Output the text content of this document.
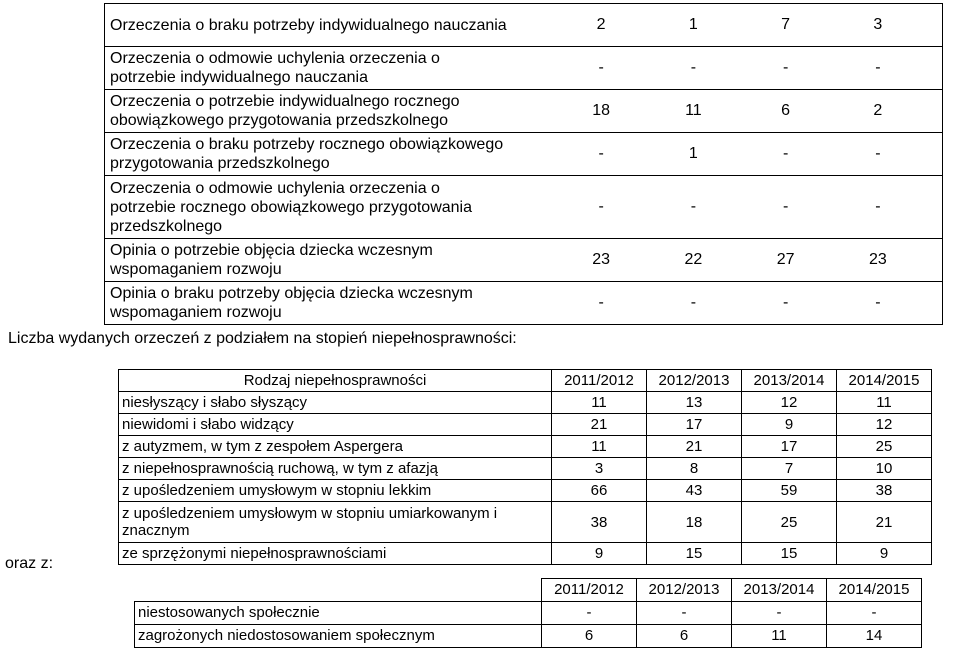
Orzeczenia o braku potrzeby indywidualnego nauczania	2 1 7 3

Orzeczenia o odmowie uchylenia orzeczenia o potrzebie indywidualnego nauczania	- - - -

Orzeczenia o potrzebie indywidualnego rocznego obowiązkowego przygotowania przedszkolnego	18 11 6 2

Orzeczenia o braku potrzeby rocznego obowiązkowego przygotowania przedszkolnego	- 1 - -

Orzeczenia o odmowie uchylenia orzeczenia o potrzebie rocznego obowiązkowego przygotowania przedszkolnego	- - - -

Opinia o potrzebie objęcia dziecka wczesnym wspomaganiem rozwoju	23 22 27 23

Opinia o braku potrzeby objęcia dziecka wczesnym wspomaganiem rozwoju	- - - -
Liczba wydanych orzeczeń z podziałem na stopień niepełnosprawności:
oraz z:
Rodzaj niepełnosprawności	2011/2012	2012/2013	2013/2014	2014/2015
niesłyszący i słabo słyszący	11	13	12	11
niewidomi i słabo widzący	21	17	9	12
z autyzmem, w tym z zespołem Aspergera	11	21	17	25
z niepełnosprawnością ruchową, w tym z afazją	3	8	7	10
z upośledzeniem umysłowym w stopniu lekkim	66	43	59	38
z upośledzeniem umysłowym w stopniu umiarkowanym i znacznym	38	18	25	21
ze sprzężonymi niepełnosprawnościami	9	15	15	9
	2011/2012	2012/2013	2013/2014	2014/2015
niestosowanych społecznie	-	-	-	-
zagrożonych niedostosowaniem społecznym	6	6	11	14
